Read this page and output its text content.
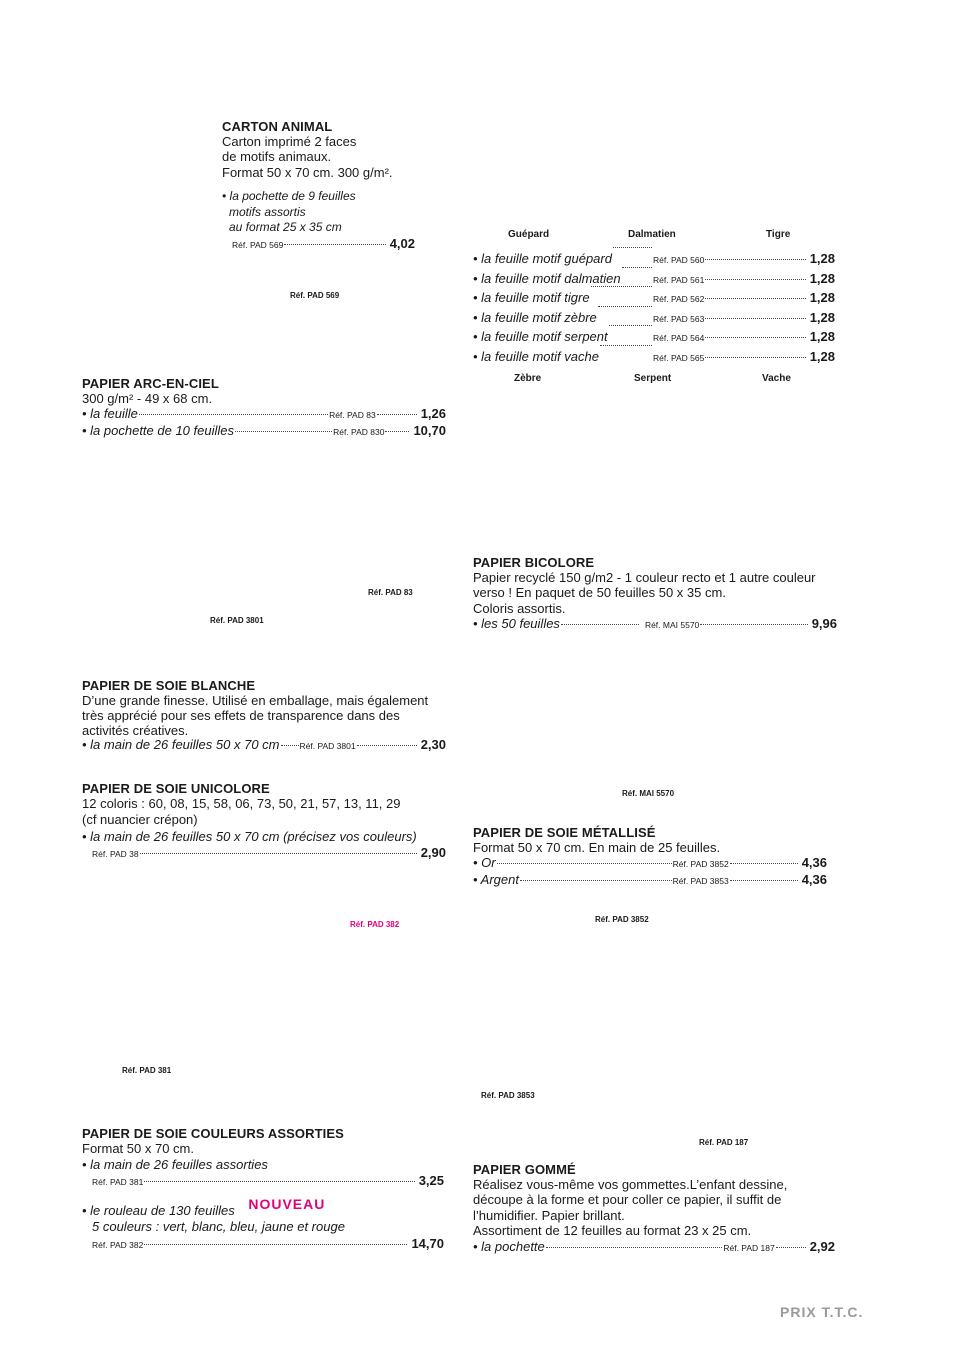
CARTON ANIMAL
Carton imprimé 2 faces
de motifs animaux.
Format 50 x 70 cm. 300 g/m².
• la pochette de 9 feuilles
motifs assortis
au format 25 x 35 cm
Réf. PAD 569	4,02
Réf. PAD 569
Guépard	Dalmatien	Tigre
• la feuille motif guépard	Réf. PAD 560	1,28
• la feuille motif dalmatien	Réf. PAD 561	1,28
• la feuille motif tigre	Réf. PAD 562	1,28
• la feuille motif zèbre	Réf. PAD 563	1,28
• la feuille motif serpent	Réf. PAD 564	1,28
• la feuille motif vache	Réf. PAD 565	1,28
Zèbre	Serpent	Vache
PAPIER ARC-EN-CIEL
300 g/m² - 49 x 68 cm.
• la feuille	Réf. PAD 83	1,26
• la pochette de 10 feuilles	Réf. PAD 830 10,70
Réf. PAD 83
Réf. PAD 3801
PAPIER BICOLORE
Papier recyclé 150 g/m2 - 1 couleur recto et 1 autre couleur
verso ! En paquet de 50 feuilles 50 x 35 cm.
Coloris assortis.
• les 50 feuilles	Réf. MAI 5570	9,96
PAPIER DE SOIE BLANCHE
D’une grande finesse. Utilisé en emballage, mais également
très apprécié pour ses effets de transparence dans des
activités créatives.
• la main de 26 feuilles 50 x 70 cm Réf. PAD 3801	2,30
PAPIER DE SOIE UNICOLORE
12 coloris : 60, 08, 15, 58, 06, 73, 50, 21, 57, 13, 11, 29
(cf nuancier crépon)
• la main de 26 feuilles 50 x 70 cm (précisez vos couleurs)
Réf. PAD 38	2,90
Réf. MAI 5570
PAPIER DE SOIE MÉTALLISÉ
Format 50 x 70 cm. En main de 25 feuilles.
• Or	Réf. PAD 3852	4,36
• Argent	Réf. PAD 3853	4,36
Réf. PAD 3852
Réf. PAD 382
Réf. PAD 381
Réf. PAD 3853
Réf. PAD 187
PAPIER DE SOIE COULEURS ASSORTIES
Format 50 x 70 cm.
• la main de 26 feuilles assorties
Réf. PAD 381	3,25
• le rouleau de 130 feuilles NOUVEAU
5 couleurs : vert, blanc, bleu, jaune et rouge
Réf. PAD 382	14,70
PAPIER GOMMÉ
Réalisez vous-même vos gommettes.L’enfant dessine,
découpe à la forme et pour coller ce papier, il suffit de
l’humidifier. Papier brillant.
Assortiment de 12 feuilles au format 23 x 25 cm.
• la pochette	Réf. PAD 187	2,92
PRIX T.T.C.
